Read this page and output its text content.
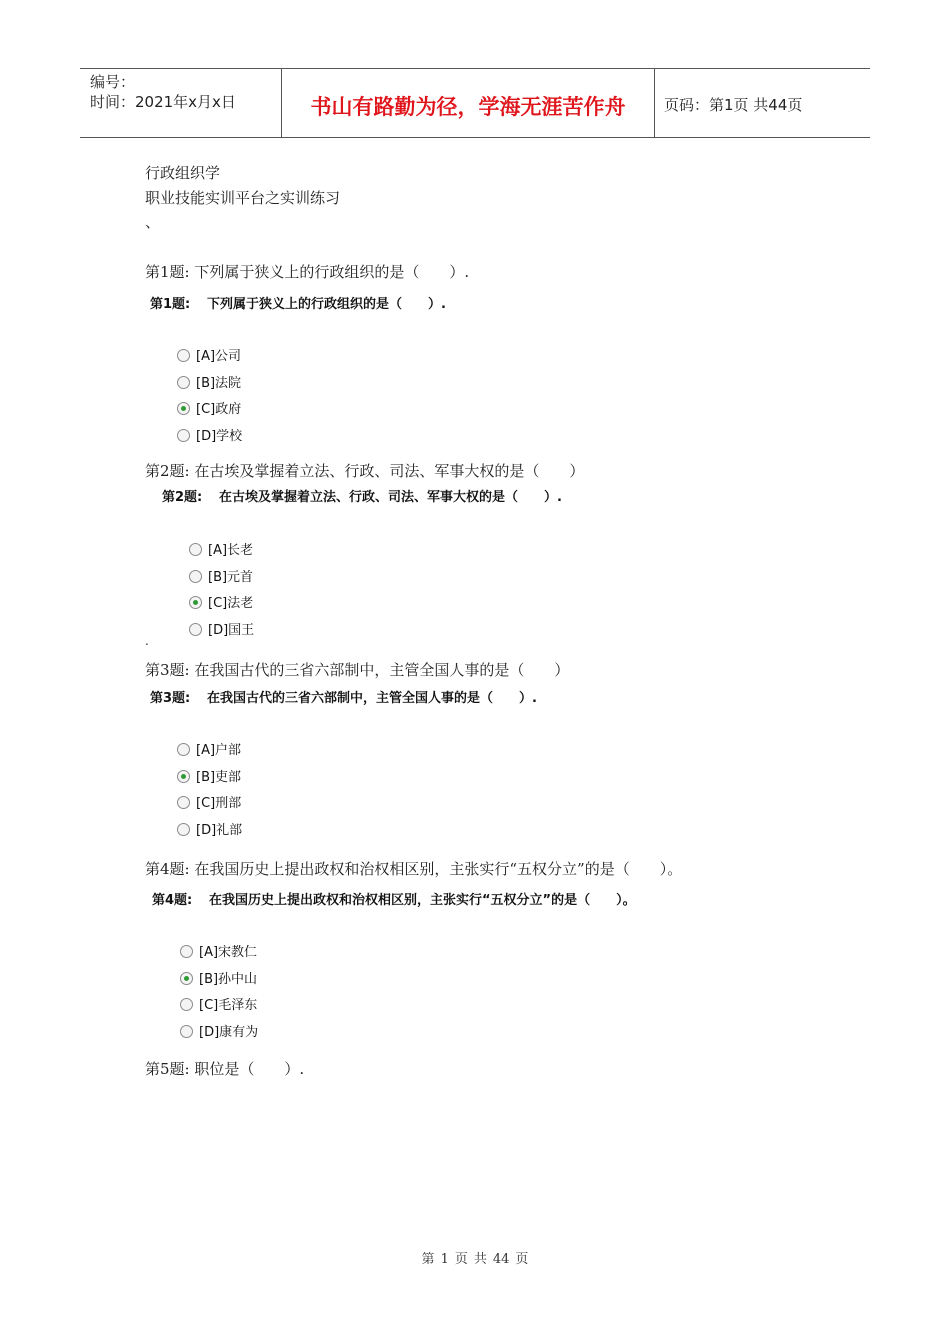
编号：
时间：2021年x月x日	书山有路勤为径，学海无涯苦作舟	页码：第1页 共44页
行政组织学
职业技能实训平台之实训练习
、
第1题: 下列属于狭义上的行政组织的是（　　）.
第1题: 下列属于狭义上的行政组织的是（　　）.
[A]公司
[B]法院
[C]政府
[D]学校
第2题: 在古埃及掌握着立法、行政、司法、军事大权的是（　　）
第2题: 在古埃及掌握着立法、行政、司法、军事大权的是（　　）.
[A]长老
[B]元首
[C]法老
[D]国王
.
第3题: 在我国古代的三省六部制中，主管全国人事的是（　　）
第3题: 在我国古代的三省六部制中，主管全国人事的是（　　）.
[A]户部
[B]吏部
[C]刑部
[D]礼部
第4题: 在我国历史上提出政权和治权相区别，主张实行“五权分立”的是（　　）。
第4题: 在我国历史上提出政权和治权相区别，主张实行“五权分立”的是（　　）。
[A]宋教仁
[B]孙中山
[C]毛泽东
[D]康有为
第5题: 职位是（　　）.
第 1 页 共 44 页
